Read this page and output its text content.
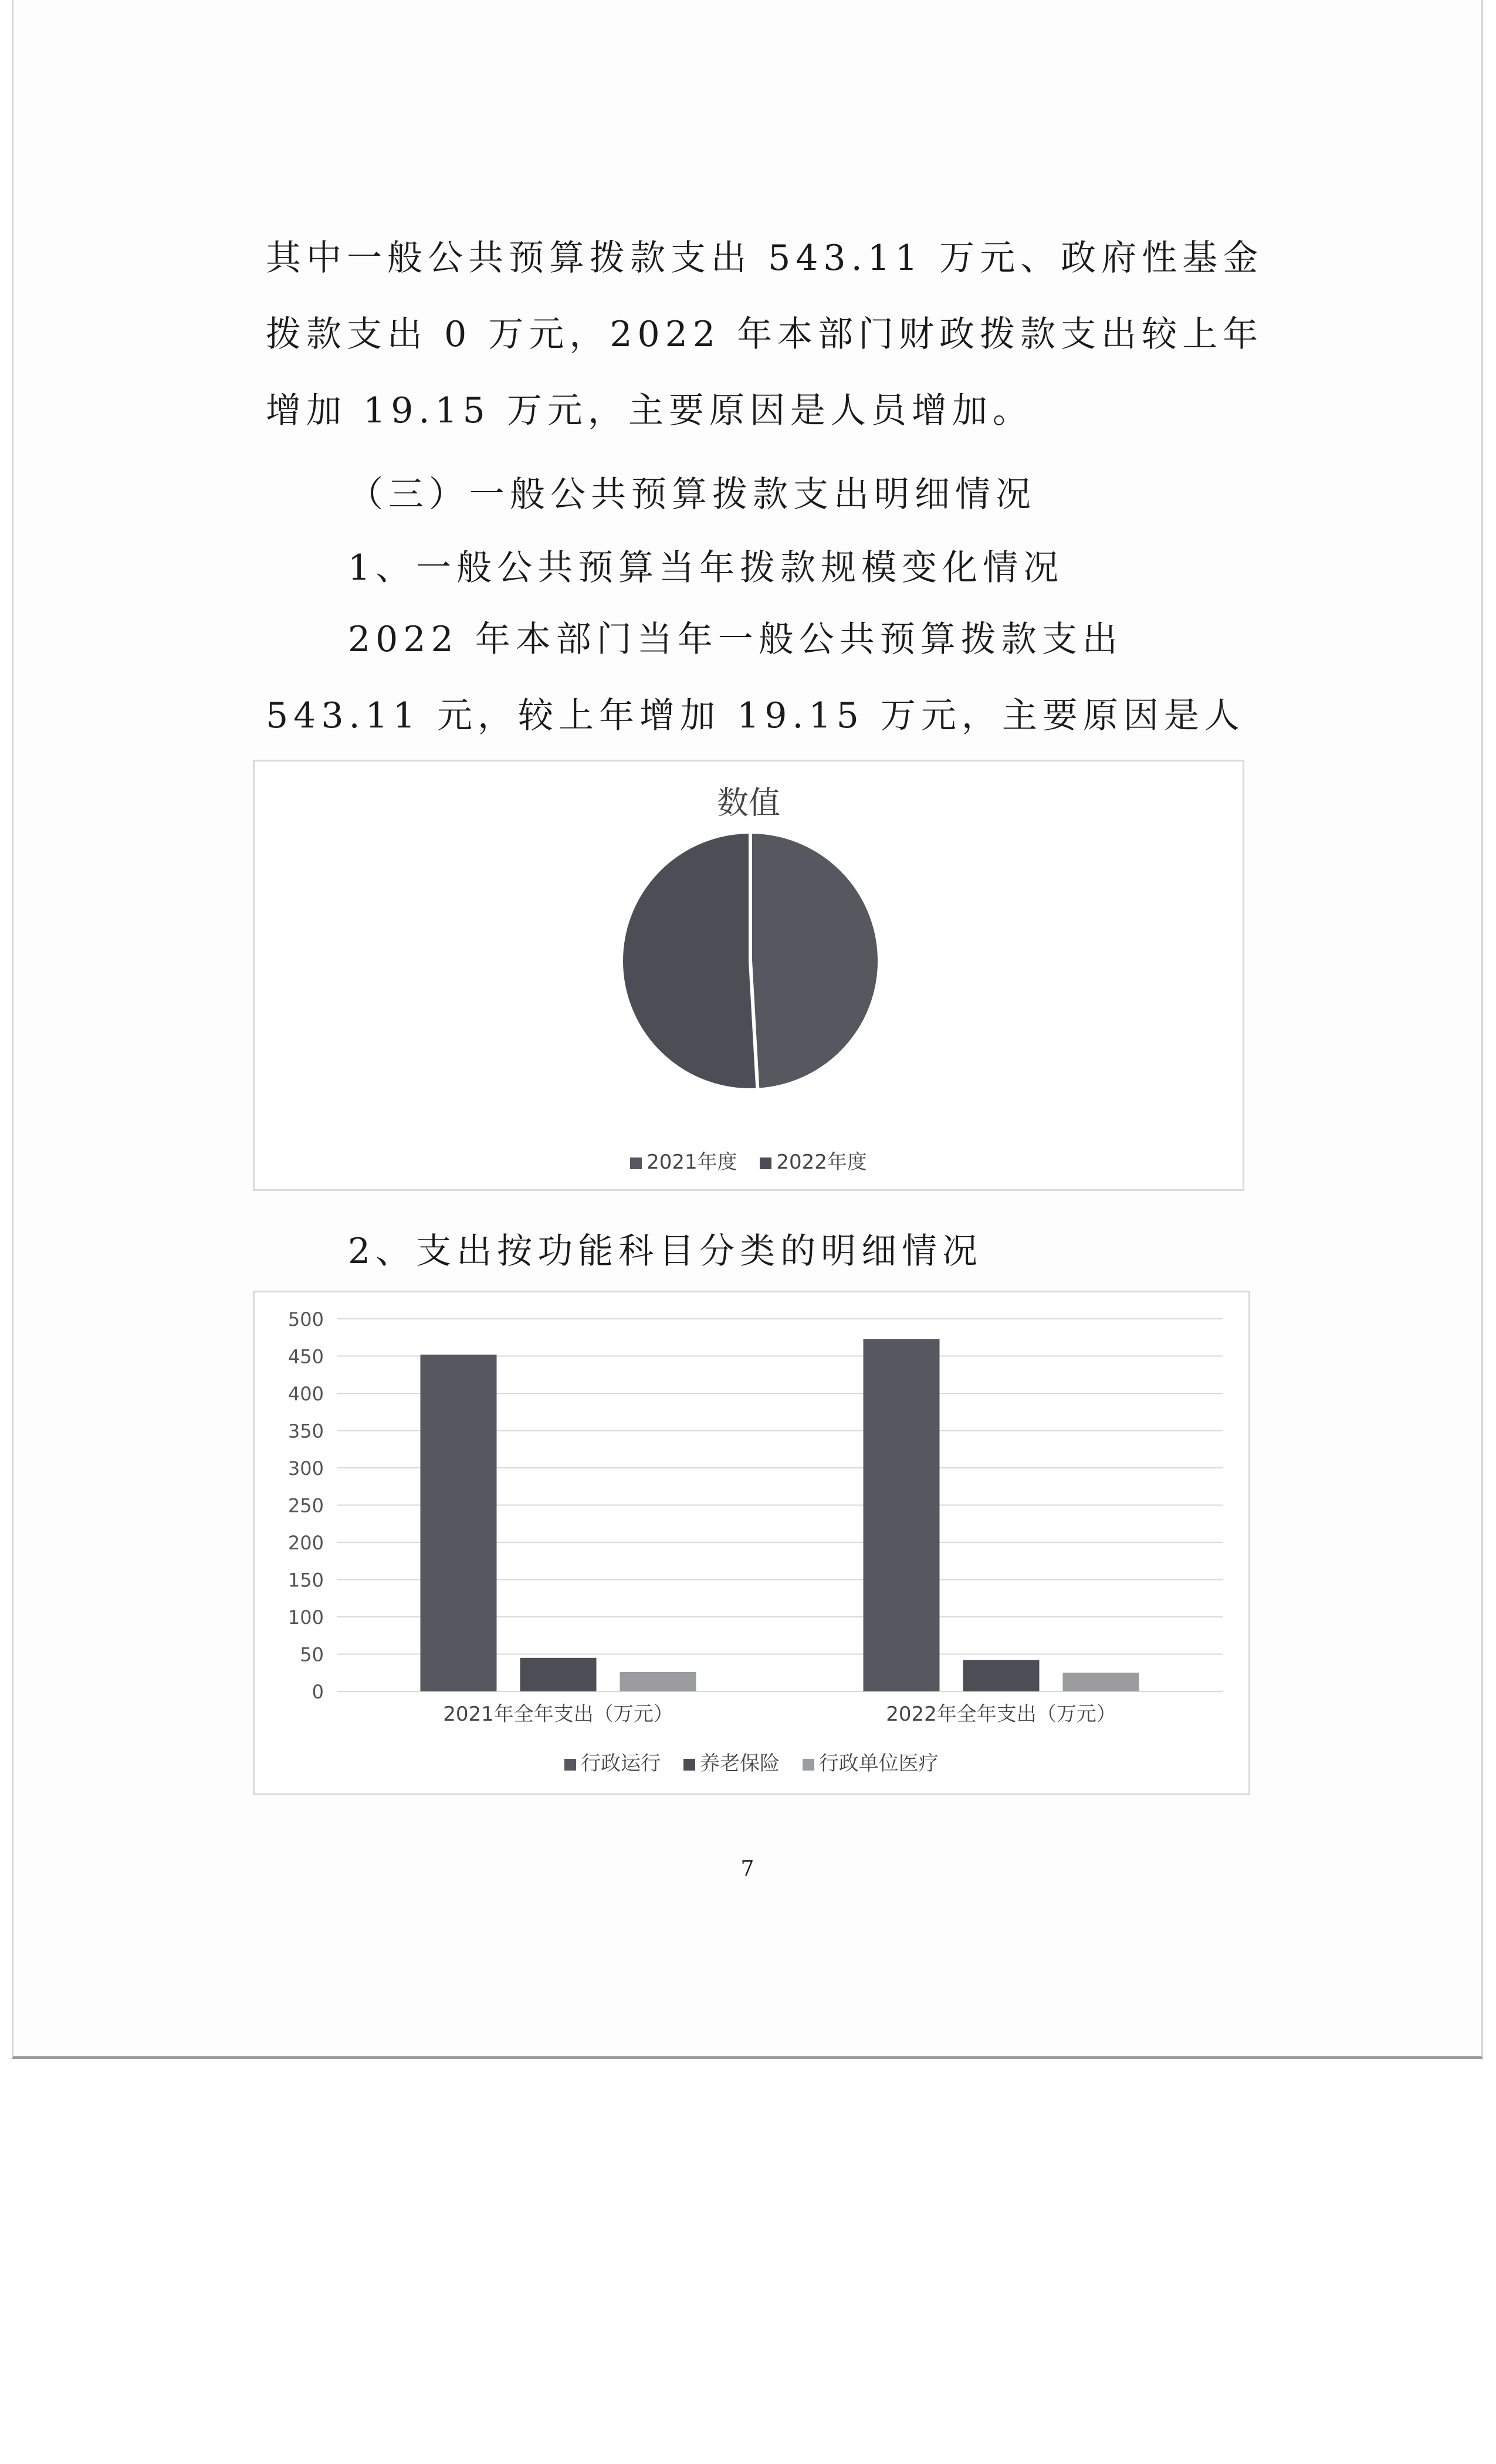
其中一般公共预算拨款支出 543.11 万元、政府性基金拨款支出 0 万元，2022 年本部门财政拨款支出较上年增加 19.15 万元，主要原因是人员增加。

（三）一般公共预算拨款支出明细情况

1、一般公共预算当年拨款规模变化情况

2022 年本部门当年一般公共预算拨款支出 543.11 元，较上年增加 19.15 万元，主要原因是人

数值
2021年度 2022年度

2、支出按功能科目分类的明细情况

0
50
100
150
200
250
300
350
400
450
500
2021年全年支出（万元）	2022年全年支出（万元）
行政运行 养老保险 行政单位医疗
7
